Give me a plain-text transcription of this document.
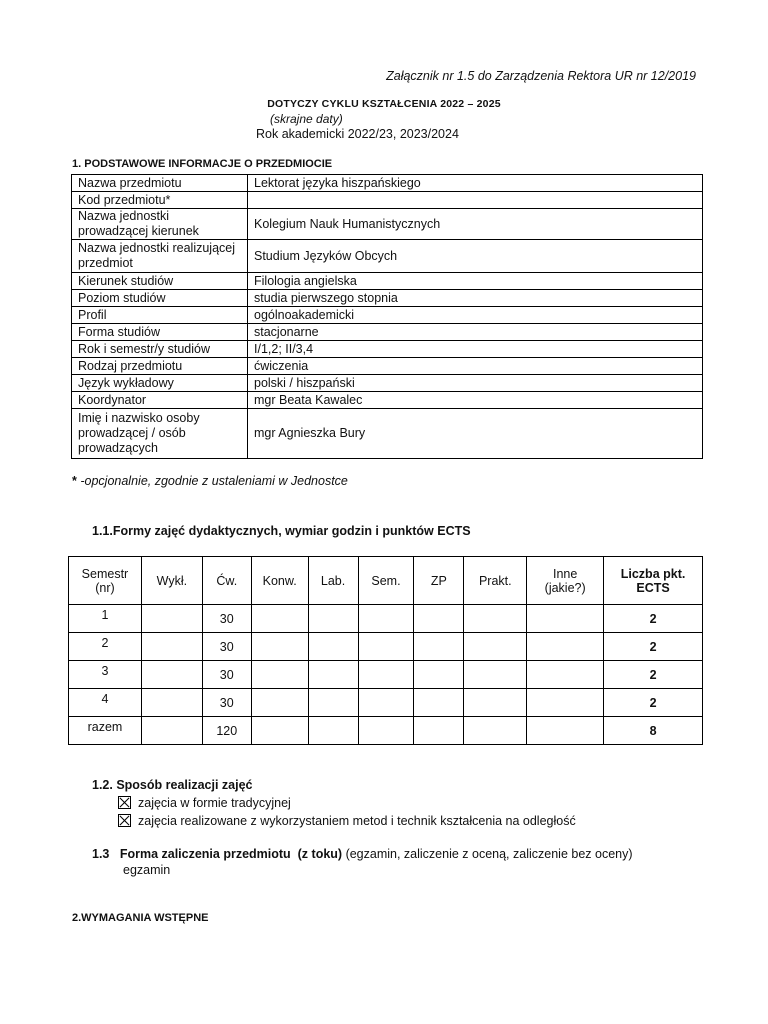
Załącznik nr 1.5 do Zarządzenia Rektora UR nr 12/2019
DOTYCZY CYKLU KSZTAŁCENIA 2022 – 2025
(skrajne daty)
Rok akademicki 2022/23, 2023/2024
1. PODSTAWOWE INFORMACJE O PRZEDMIOCIE
Nazwa przedmiotu	Lektorat języka hiszpańskiego
Kod przedmiotu*	
Nazwa jednostki prowadzącej kierunek	Kolegium Nauk Humanistycznych
Nazwa jednostki realizującej przedmiot	Studium Języków Obcych
Kierunek studiów	Filologia angielska
Poziom studiów	studia pierwszego stopnia
Profil	ogólnoakademicki
Forma studiów	stacjonarne
Rok i semestr/y studiów	I/1,2; II/3,4
Rodzaj przedmiotu	ćwiczenia
Język wykładowy	polski / hiszpański
Koordynator	mgr Beata Kawalec
Imię i nazwisko osoby prowadzącej / osób prowadzących	mgr Agnieszka Bury
* -opcjonalnie, zgodnie z ustaleniami w Jednostce
1.1.Formy zajęć dydaktycznych, wymiar godzin i punktów ECTS
Semestr
(nr)	Wykł.	Ćw.	Konw.	Lab.	Sem.	ZP	Prakt.	Inne
(jakie?)	Liczba pkt.
ECTS
1		30							2
2		30							2
3		30							2
4		30							2
razem		120							8
1.2. Sposób realizacji zajęć
zajęcia w formie tradycyjnej
zajęcia realizowane z wykorzystaniem metod i technik kształcenia na odległość
1.3 Forma zaliczenia przedmiotu (z toku) (egzamin, zaliczenie z oceną, zaliczenie bez oceny)
egzamin
2.WYMAGANIA WSTĘPNE
